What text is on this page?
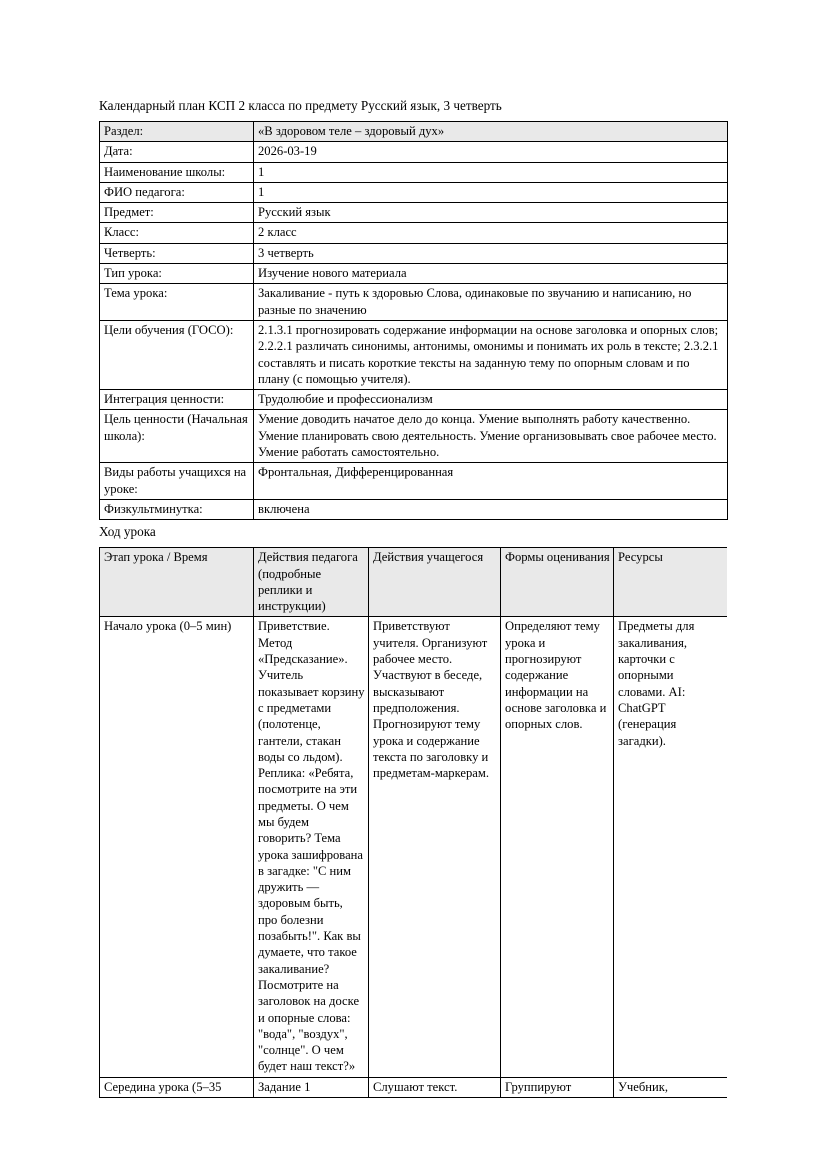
Календарный план КСП 2 класса по предмету Русский язык, 3 четверть

Раздел:	«В здоровом теле – здоровый дух»
Дата:	2026-03-19
Наименование школы:	1
ФИО педагога:	1
Предмет:	Русский язык
Класс:	2 класс
Четверть:	3 четверть
Тип урока:	Изучение нового материала
Тема урока:	Закаливание - путь к здоровью Слова, одинаковые по звучанию и написанию, но разные по значению
Цели обучения (ГОСО):	2.1.3.1 прогнозировать содержание информации на основе заголовка и опорных слов; 2.2.2.1 различать синонимы, антонимы, омонимы и понимать их роль в тексте; 2.3.2.1 составлять и писать короткие тексты на заданную тему по опорным словам и по плану (с помощью учителя).
Интеграция ценности:	Трудолюбие и профессионализм
Цель ценности (Начальная школа):	Умение доводить начатое дело до конца. Умение выполнять работу качественно. Умение планировать свою деятельность. Умение организовывать свое рабочее место. Умение работать самостоятельно.
Виды работы учащихся на уроке:	Фронтальная, Дифференцированная
Физкультминутка:	включена

Ход урока

Этап урока / Время	Действия педагога (подробные реплики и инструкции)	Действия учащегося	Формы оценивания	Ресурсы
Начало урока (0–5 мин)	Приветствие. Метод «Предсказание». Учитель показывает корзину с предметами (полотенце, гантели, стакан воды со льдом). Реплика: «Ребята, посмотрите на эти предметы. О чем мы будем говорить? Тема урока зашифрована в загадке: "С ним дружить — здоровым быть, про болезни позабыть!". Как вы думаете, что такое закаливание? Посмотрите на заголовок на доске и опорные слова: "вода", "воздух", "солнце". О чем будет наш текст?»	Приветствуют учителя. Организуют рабочее место. Участвуют в беседе, высказывают предположения. Прогнозируют тему урока и содержание текста по заголовку и предметам-маркерам.	Определяют тему урока и прогнозируют содержание информации на основе заголовка и опорных слов.	Предметы для закаливания, карточки с опорными словами. AI: ChatGPT (генерация загадки).
Середина урока (5–35	Задание 1	Слушают текст.	Группируют	Учебник,
